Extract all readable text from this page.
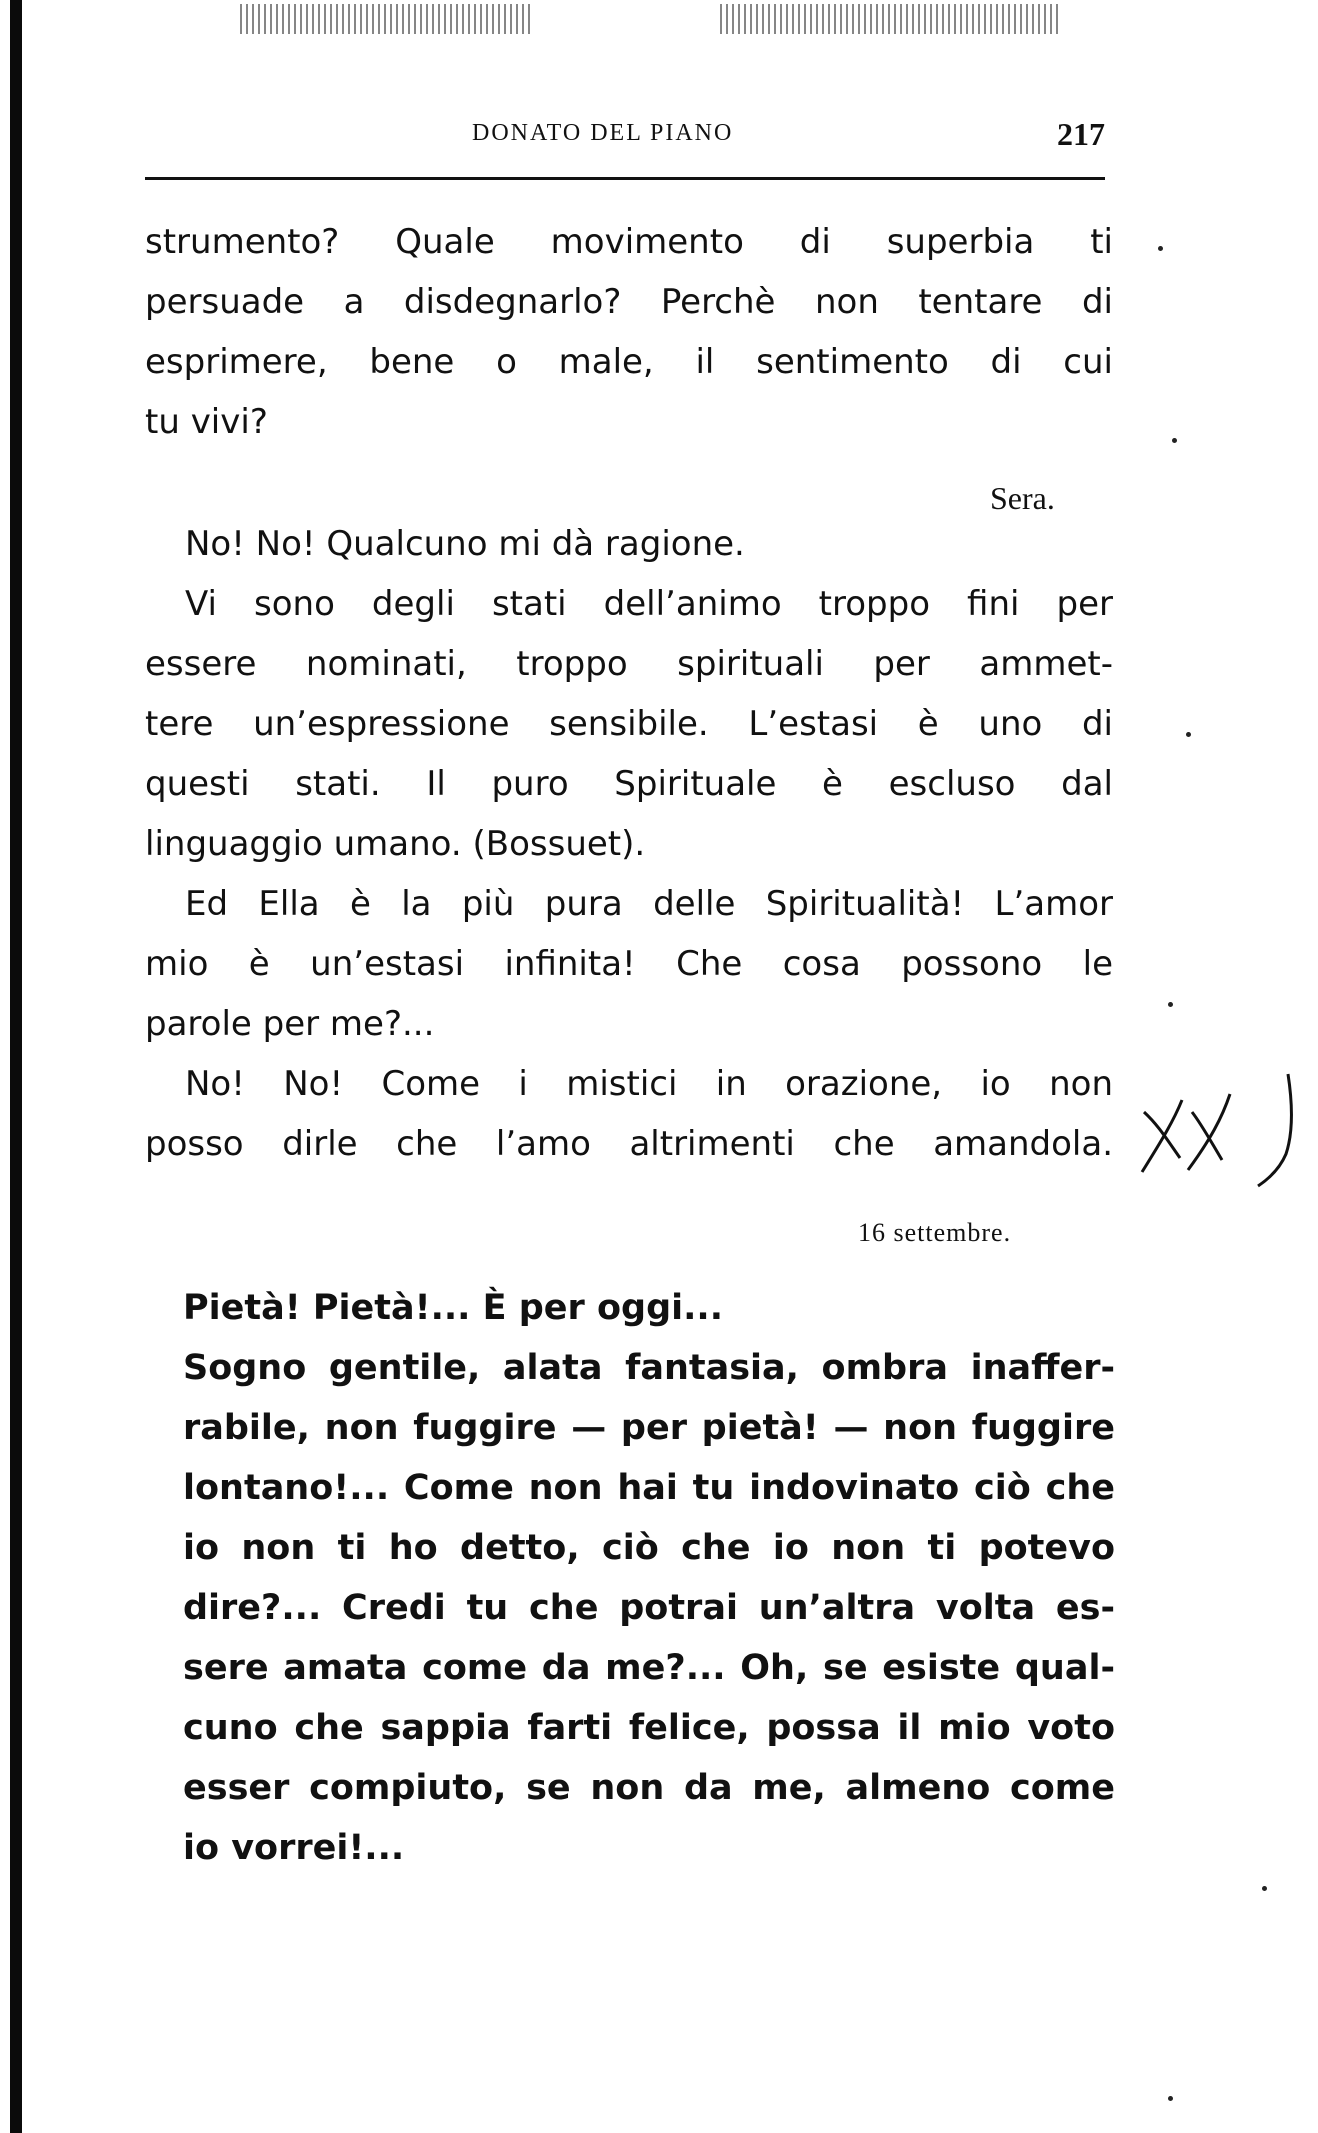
DONATO DEL PIANO	217
strumento? Quale movimento di superbia ti
persuade a disdegnarlo? Perchè non tentare di
esprimere, bene o male, il sentimento di cui
tu vivi?
Sera.
No! No! Qualcuno mi dà ragione.
Vi sono degli stati dell’animo troppo fini per
essere nominati, troppo spirituali per ammet-
tere un’espressione sensibile. L’estasi è uno di
questi stati. Il puro Spirituale è escluso dal
linguaggio umano. (Bossuet).
Ed Ella è la più pura delle Spiritualità! L’amor
mio è un’estasi infinita! Che cosa possono le
parole per me?...
No! No! Come i mistici in orazione, io non
posso dirle che l’amo altrimenti che amandola.
16 settembre.
Pietà! Pietà!... È per oggi...
Sogno gentile, alata fantasia, ombra inaffer-
rabile, non fuggire — per pietà! — non fuggire
lontano!... Come non hai tu indovinato ciò che
io non ti ho detto, ciò che io non ti potevo
dire?... Credi tu che potrai un’altra volta es-
sere amata come da me?... Oh, se esiste qual-
cuno che sappia farti felice, possa il mio voto
esser compiuto, se non da me, almeno come
io vorrei!...
